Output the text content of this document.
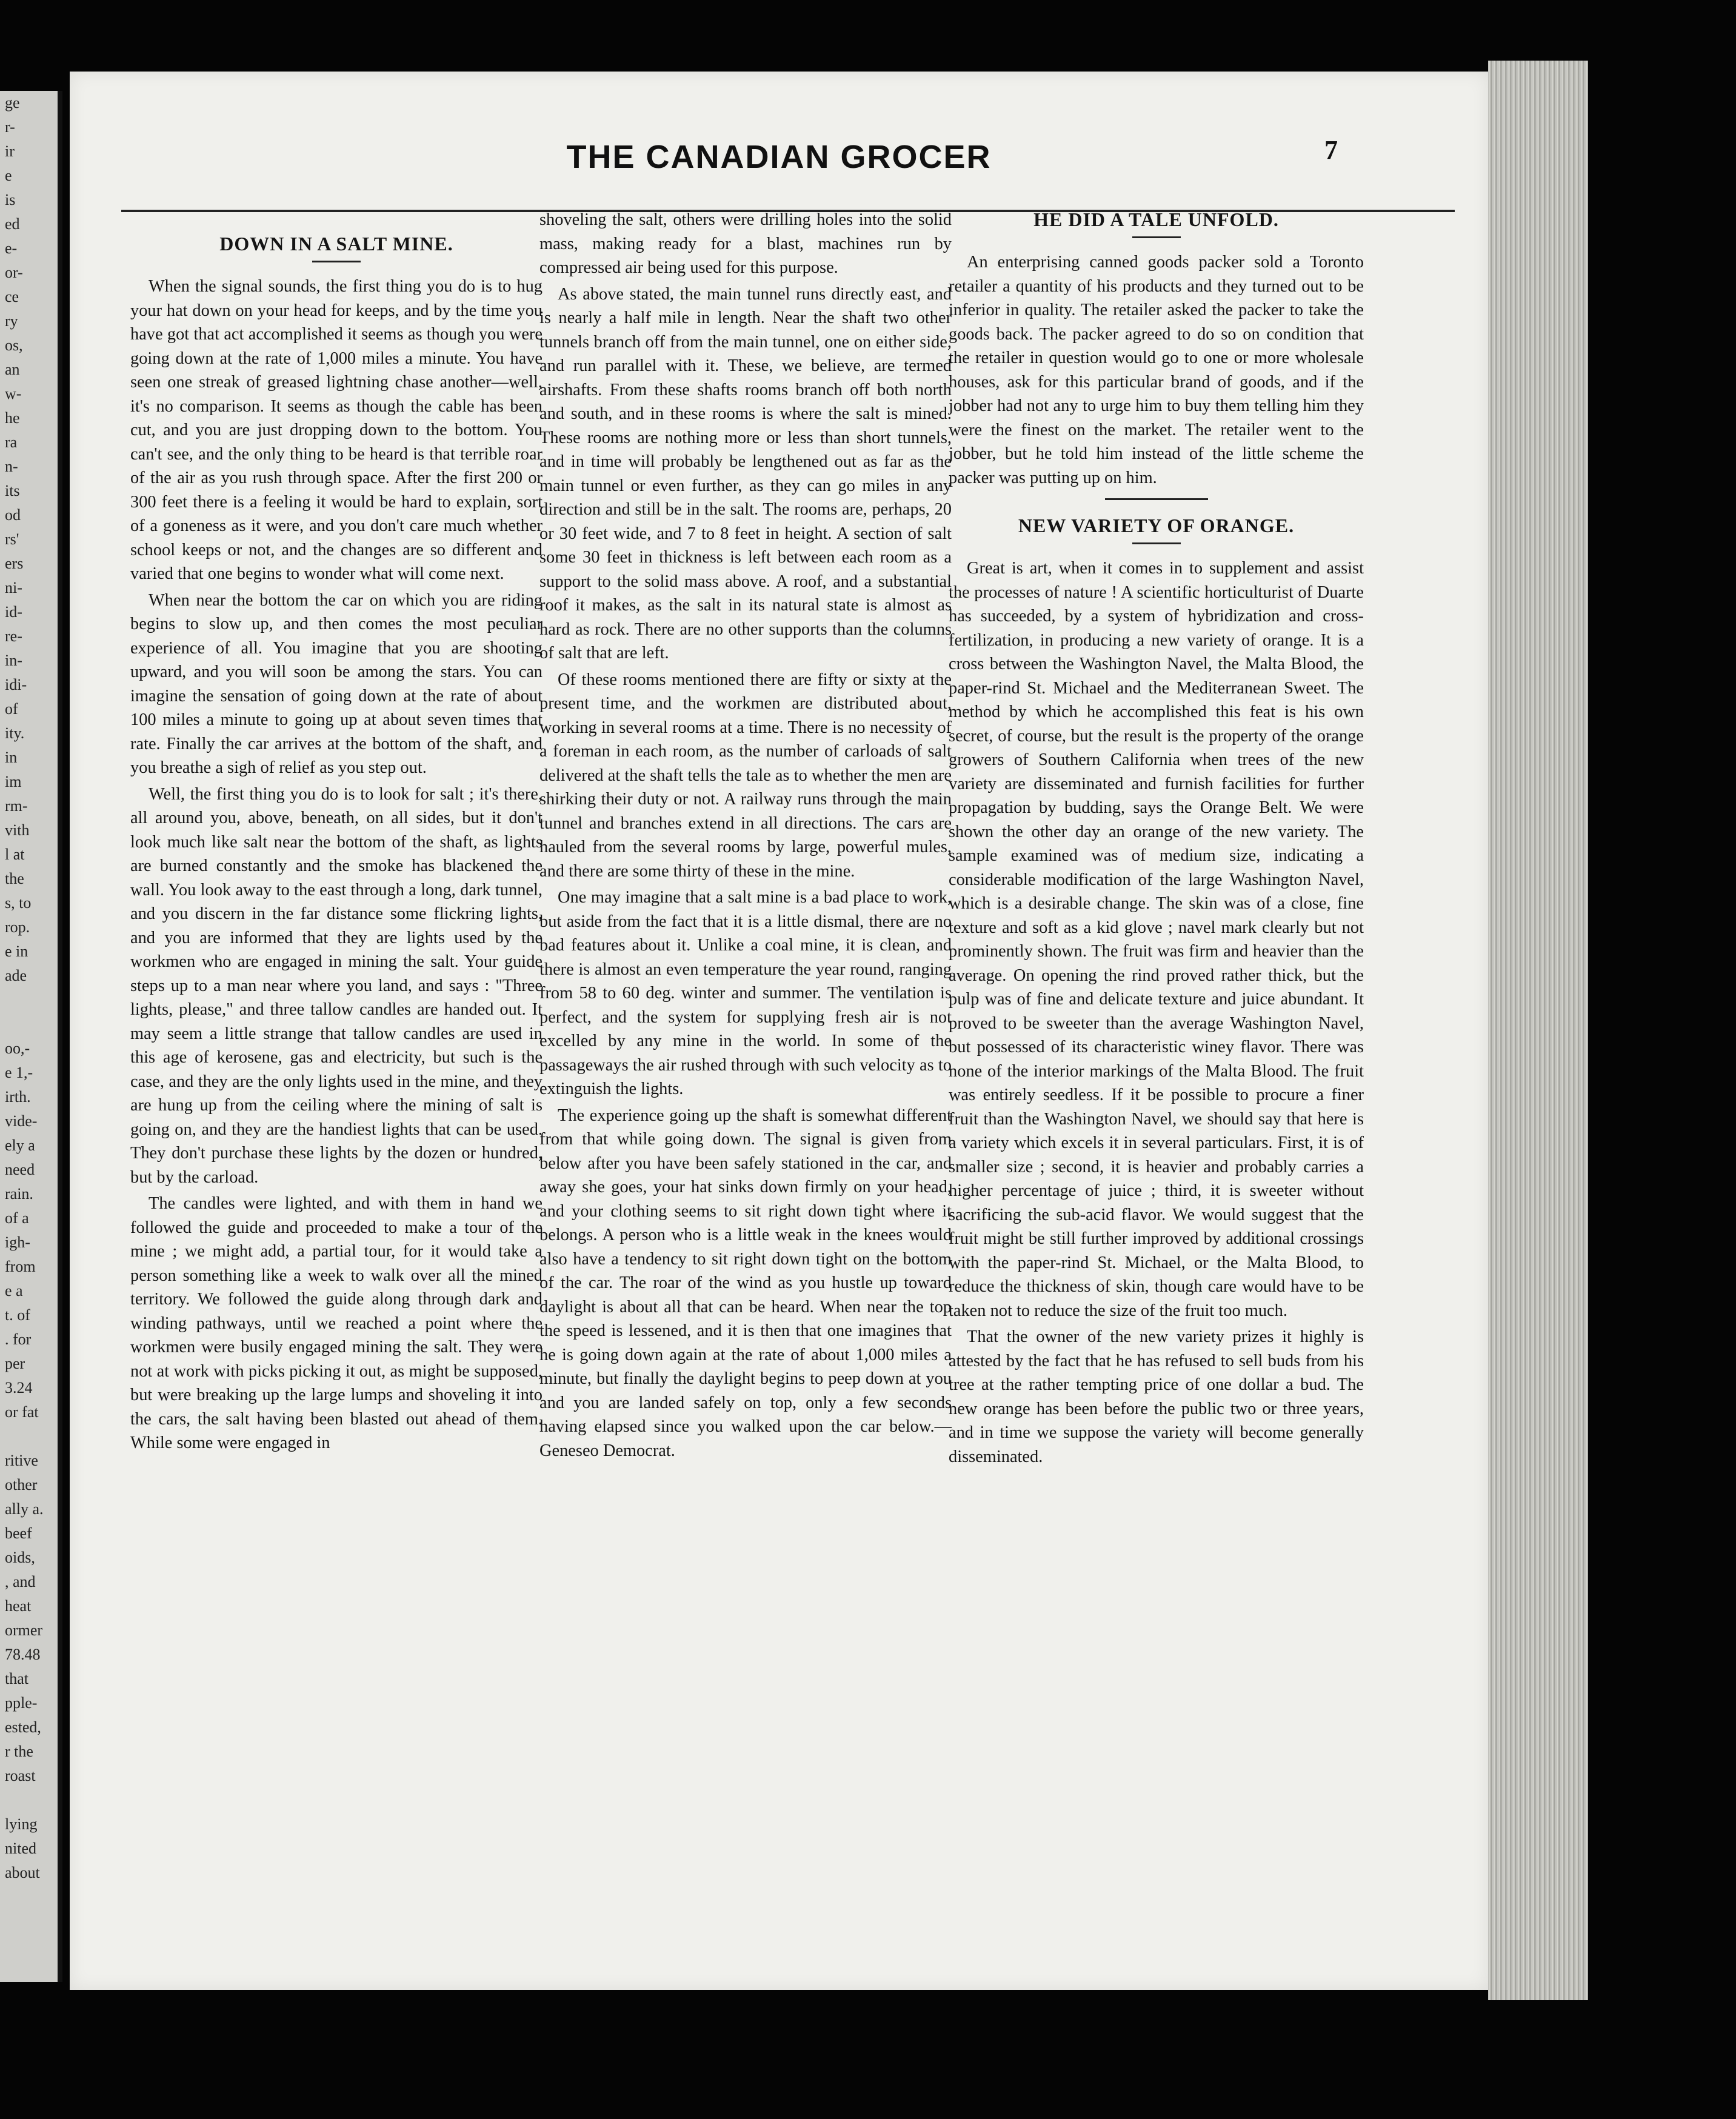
ge
r-
ir
e
is
ed
e-
or-
ce
ry
os,
an
w-
he
ra
n-
its
od
rs'
ers
ni-
id-
re-
in-
idi-
of
ity.
in
im
rm-
vith
l at
the
s, to
rop.
e in
ade

oo,-
e 1,-
irth.
vide-
ely a
need
rain.
of a
igh-
from
e a
t. of
. for
per
3.24
or fat

ritive
other
ally a.
beef
oids,
, and
heat
ormer
78.48
that
pple-
ested,
r the
roast

lying
nited
about
THE CANADIAN GROCER	7
DOWN IN A SALT MINE.

When the signal sounds, the first thing you do is to hug your hat down on your head for keeps, and by the time you have got that act accomplished it seems as though you were going down at the rate of 1,000 miles a minute. You have seen one streak of greased lightning chase another—well, it's no comparison. It seems as though the cable has been cut, and you are just dropping down to the bottom. You can't see, and the only thing to be heard is that terrible roar of the air as you rush through space. After the first 200 or 300 feet there is a feeling it would be hard to explain, sort of a goneness as it were, and you don't care much whether school keeps or not, and the changes are so different and varied that one begins to wonder what will come next.

When near the bottom the car on which you are riding begins to slow up, and then comes the most peculiar experience of all. You imagine that you are shooting upward, and you will soon be among the stars. You can imagine the sensation of going down at the rate of about 100 miles a minute to going up at about seven times that rate. Finally the car arrives at the bottom of the shaft, and you breathe a sigh of relief as you step out.

Well, the first thing you do is to look for salt ; it's there, all around you, above, beneath, on all sides, but it don't look much like salt near the bottom of the shaft, as lights are burned constantly and the smoke has blackened the wall. You look away to the east through a long, dark tunnel, and you discern in the far distance some flickring lights, and you are informed that they are lights used by the workmen who are engaged in mining the salt. Your guide steps up to a man near where you land, and says : "Three lights, please," and three tallow candles are handed out. It may seem a little strange that tallow candles are used in this age of kerosene, gas and electricity, but such is the case, and they are the only lights used in the mine, and they are hung up from the ceiling where the mining of salt is going on, and they are the handiest lights that can be used. They don't purchase these lights by the dozen or hundred, but by the carload.

The candles were lighted, and with them in hand we followed the guide and proceeded to make a tour of the mine ; we might add, a partial tour, for it would take a person something like a week to walk over all the mined territory. We followed the guide along through dark and winding pathways, until we reached a point where the workmen were busily engaged mining the salt. They were not at work with picks picking it out, as might be supposed, but were breaking up the large lumps and shoveling it into the cars, the salt having been blasted out ahead of them. While some were engaged in

shoveling the salt, others were drilling holes into the solid mass, making ready for a blast, machines run by compressed air being used for this purpose.

As above stated, the main tunnel runs directly east, and is nearly a half mile in length. Near the shaft two other tunnels branch off from the main tunnel, one on either side, and run parallel with it. These, we believe, are termed airshafts. From these shafts rooms branch off both north and south, and in these rooms is where the salt is mined. These rooms are nothing more or less than short tunnels, and in time will probably be lengthened out as far as the main tunnel or even further, as they can go miles in any direction and still be in the salt. The rooms are, perhaps, 20 or 30 feet wide, and 7 to 8 feet in height. A section of salt some 30 feet in thickness is left between each room as a support to the solid mass above. A roof, and a substantial roof it makes, as the salt in its natural state is almost as hard as rock. There are no other supports than the columns of salt that are left.

Of these rooms mentioned there are fifty or sixty at the present time, and the workmen are distributed about, working in several rooms at a time. There is no necessity of a foreman in each room, as the number of carloads of salt delivered at the shaft tells the tale as to whether the men are shirking their duty or not. A railway runs through the main tunnel and branches extend in all directions. The cars are hauled from the several rooms by large, powerful mules, and there are some thirty of these in the mine.

One may imagine that a salt mine is a bad place to work, but aside from the fact that it is a little dismal, there are no bad features about it. Unlike a coal mine, it is clean, and there is almost an even temperature the year round, ranging from 58 to 60 deg. winter and summer. The ventilation is perfect, and the system for supplying fresh air is not excelled by any mine in the world. In some of the passageways the air rushed through with such velocity as to extinguish the lights.

The experience going up the shaft is somewhat different from that while going down. The signal is given from below after you have been safely stationed in the car, and away she goes, your hat sinks down firmly on your head, and your clothing seems to sit right down tight where it belongs. A person who is a little weak in the knees would also have a tendency to sit right down tight on the bottom of the car. The roar of the wind as you hustle up toward daylight is about all that can be heard. When near the top the speed is lessened, and it is then that one imagines that he is going down again at the rate of about 1,000 miles a minute, but finally the daylight begins to peep down at you and you are landed safely on top, only a few seconds having elapsed since you walked upon the car below.—Geneseo Democrat.

HE DID A TALE UNFOLD.

An enterprising canned goods packer sold a Toronto retailer a quantity of his products and they turned out to be inferior in quality. The retailer asked the packer to take the goods back. The packer agreed to do so on condition that the retailer in question would go to one or more wholesale houses, ask for this particular brand of goods, and if the jobber had not any to urge him to buy them telling him they were the finest on the market. The retailer went to the jobber, but he told him instead of the little scheme the packer was putting up on him.

NEW VARIETY OF ORANGE.

Great is art, when it comes in to supplement and assist the processes of nature ! A scientific horticulturist of Duarte has succeeded, by a system of hybridization and cross-fertilization, in producing a new variety of orange. It is a cross between the Washington Navel, the Malta Blood, the paper-rind St. Michael and the Mediterranean Sweet. The method by which he accomplished this feat is his own secret, of course, but the result is the property of the orange growers of Southern California when trees of the new variety are disseminated and furnish facilities for further propagation by budding, says the Orange Belt. We were shown the other day an orange of the new variety. The sample examined was of medium size, indicating a considerable modification of the large Washington Navel, which is a desirable change. The skin was of a close, fine texture and soft as a kid glove ; navel mark clearly but not prominently shown. The fruit was firm and heavier than the average. On opening the rind proved rather thick, but the pulp was of fine and delicate texture and juice abundant. It proved to be sweeter than the average Washington Navel, but possessed of its characteristic winey flavor. There was none of the interior markings of the Malta Blood. The fruit was entirely seedless. If it be possible to procure a finer fruit than the Washington Navel, we should say that here is a variety which excels it in several particulars. First, it is of smaller size ; second, it is heavier and probably carries a higher percentage of juice ; third, it is sweeter without sacrificing the sub-acid flavor. We would suggest that the fruit might be still further improved by additional crossings with the paper-rind St. Michael, or the Malta Blood, to reduce the thickness of skin, though care would have to be taken not to reduce the size of the fruit too much.

That the owner of the new variety prizes it highly is attested by the fact that he has refused to sell buds from his tree at the rather tempting price of one dollar a bud. The new orange has been before the public two or three years, and in time we suppose the variety will become generally disseminated.
